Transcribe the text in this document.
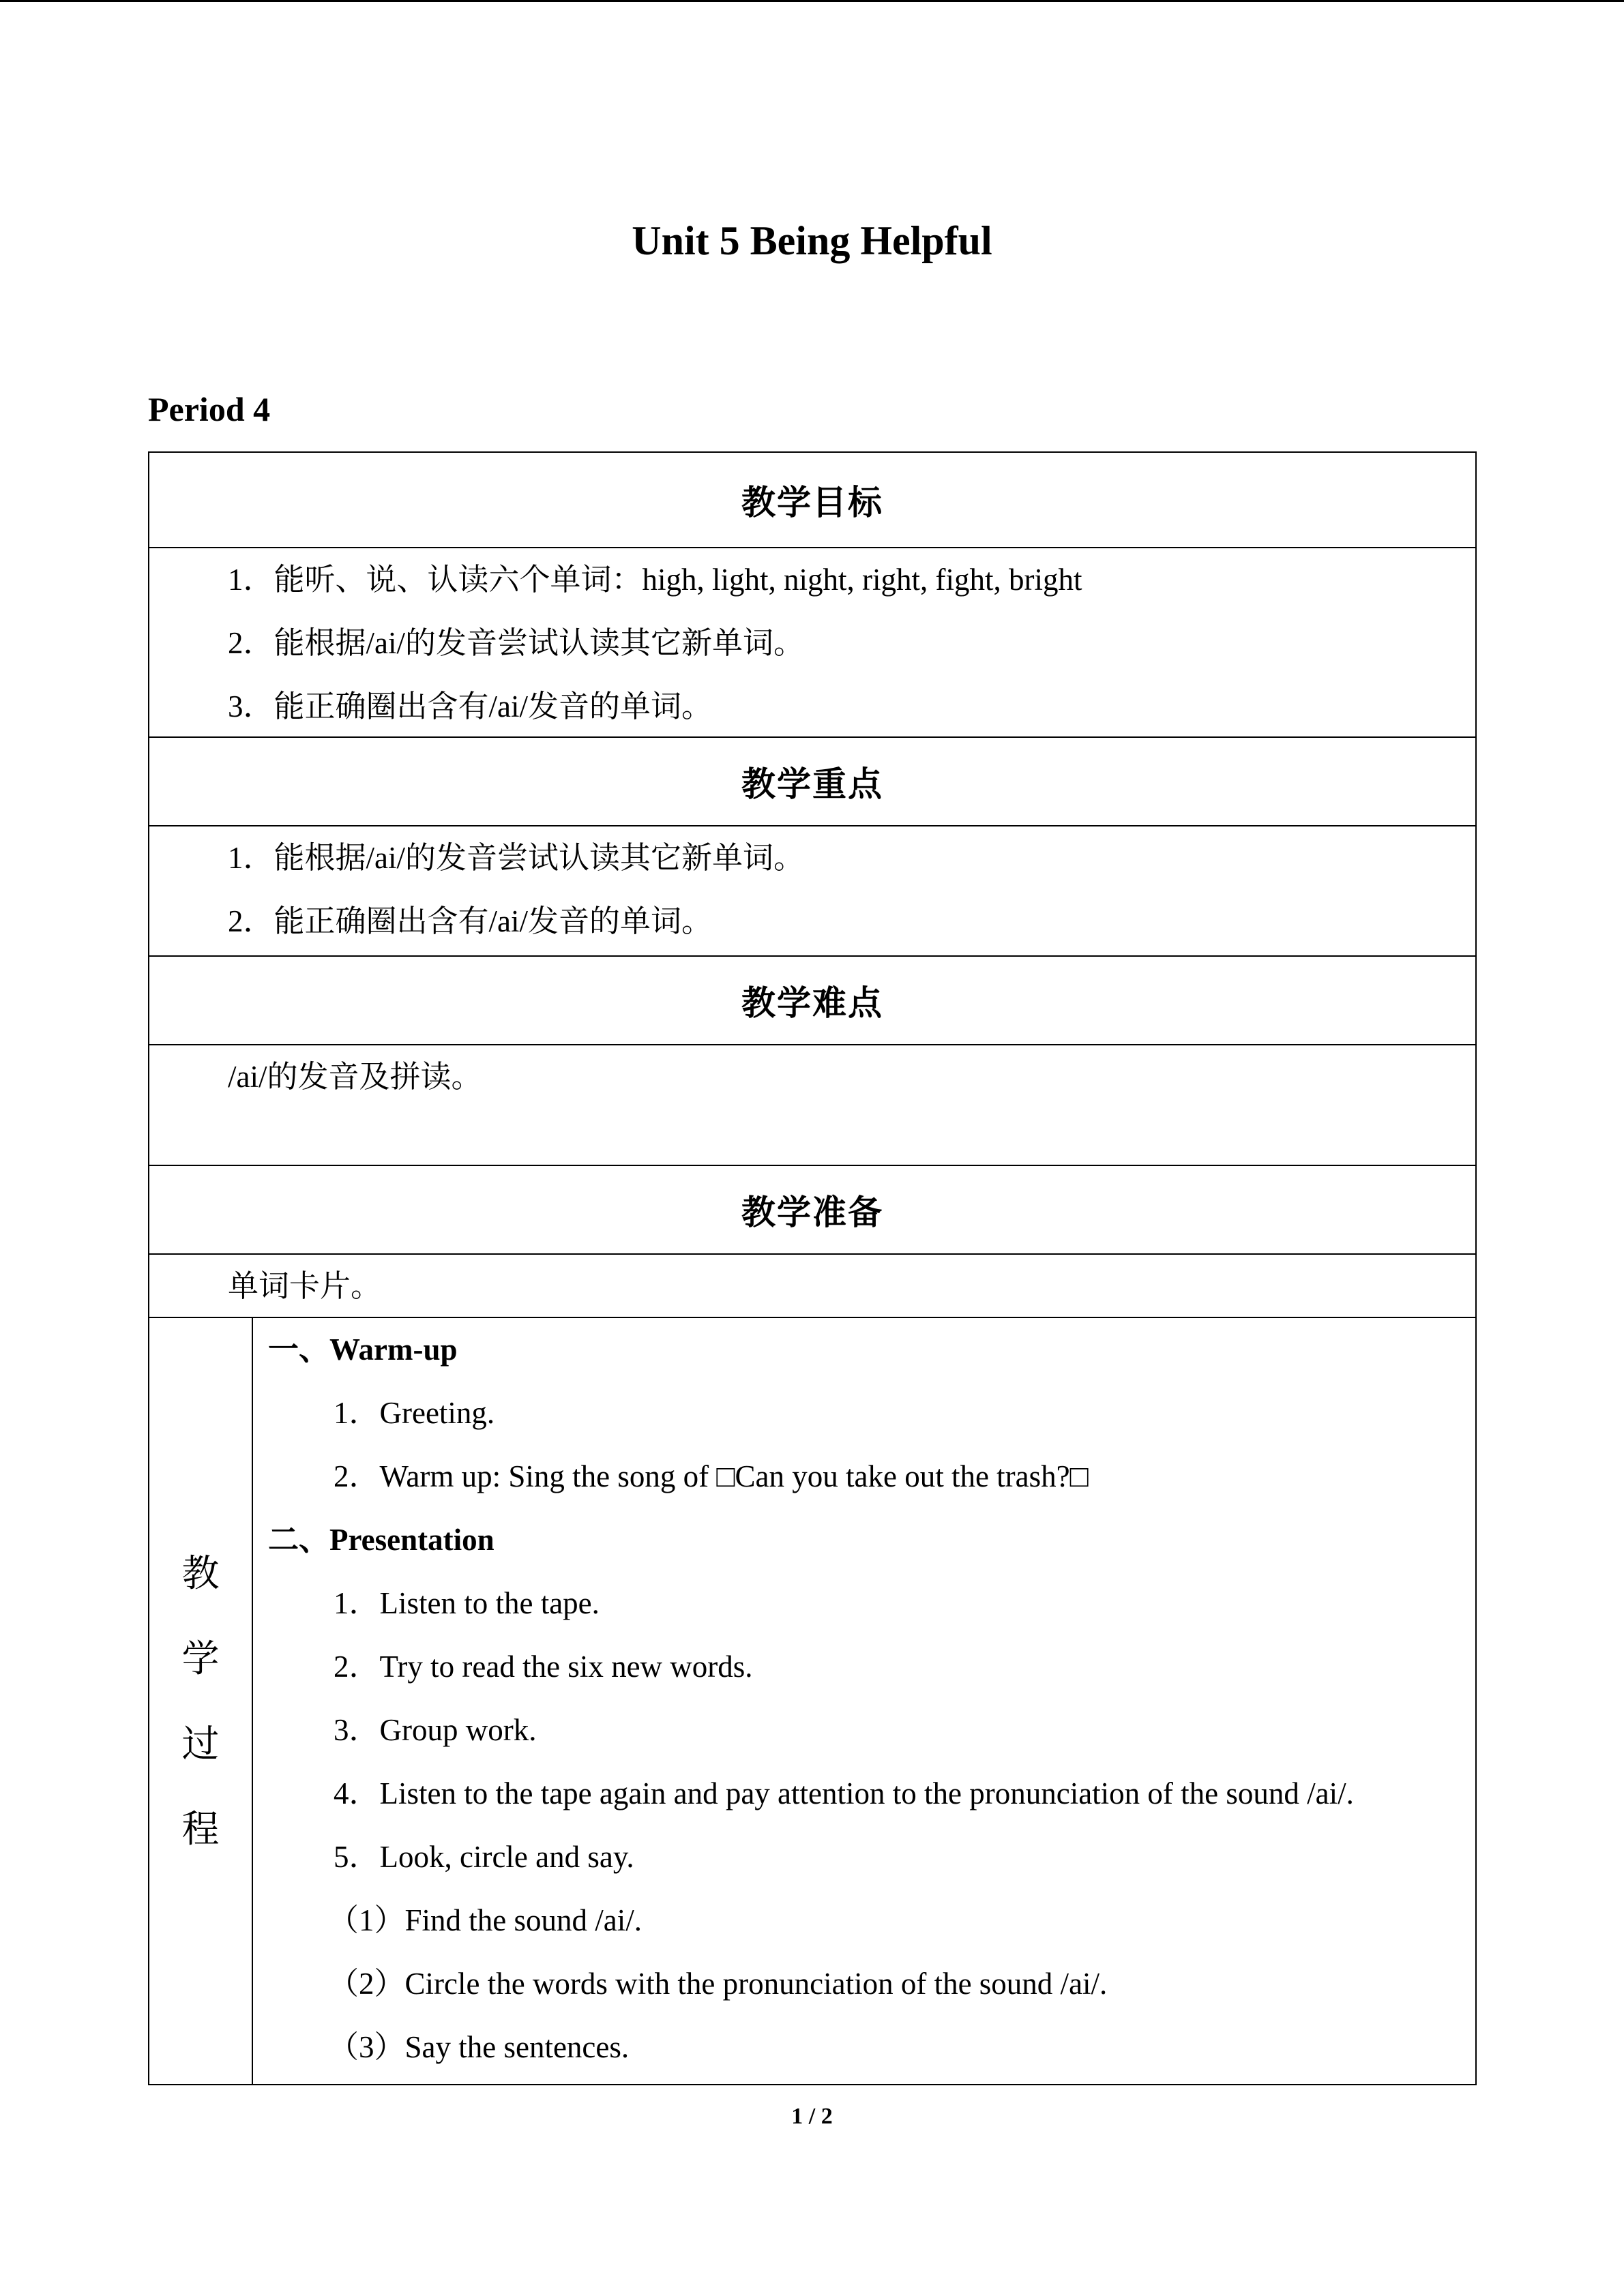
Unit 5 Being Helpful
Period 4
教学目标
1．能听、说、认读六个单词：high, light, night, right, fight, bright
2．能根据/ai/的发音尝试认读其它新单词。
3．能正确圈出含有/ai/发音的单词。
教学重点
1．能根据/ai/的发音尝试认读其它新单词。
2．能正确圈出含有/ai/发音的单词。
教学难点
/ai/的发音及拼读。
教学准备
单词卡片。
教
学
过
程
一、Warm-up
1．Greeting.
2．Warm up: Sing the song of □Can you take out the trash?□
二、Presentation
1．Listen to the tape.
2．Try to read the six new words.
3．Group work.
4．Listen to the tape again and pay attention to the pronunciation of the sound /ai/.
5．Look, circle and say.
（1）Find the sound /ai/.
（2）Circle the words with the pronunciation of the sound /ai/.
（3）Say the sentences.
1 / 2
